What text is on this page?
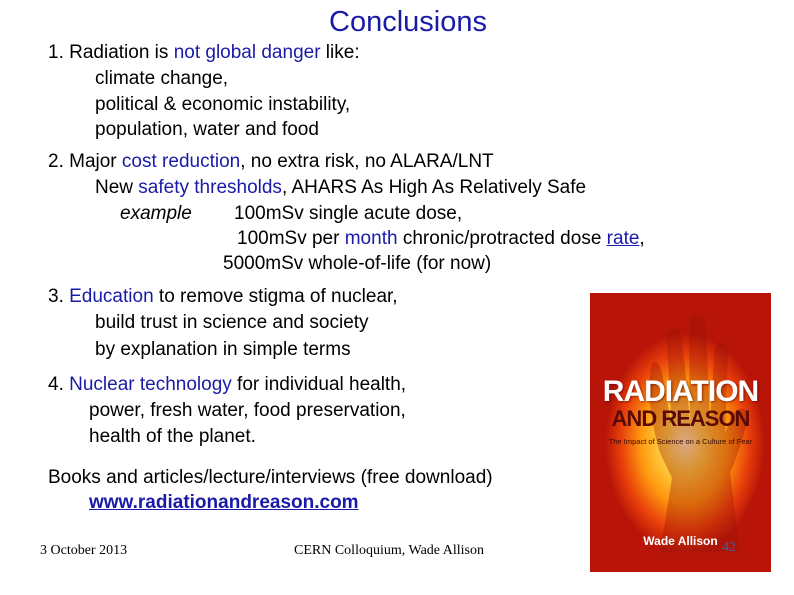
Conclusions
1. Radiation is not global danger like:
climate change,
political & economic instability,
population, water and food
2. Major cost reduction, no extra risk, no ALARA/LNT
New safety thresholds, AHARS As High As Relatively Safe
example 100mSv single acute dose,
100mSv per month chronic/protracted dose rate,
5000mSv whole-of-life (for now)
3. Education to remove stigma of nuclear,
build trust in science and society
by explanation in simple terms
4. Nuclear technology for individual health,
power, fresh water, food preservation,
health of the planet.
Books and articles/lecture/interviews (free download)
www.radiationandreason.com
3 October 2013	CERN Colloquium, Wade Allison
RADIATION
AND REASON
The Impact of Science on a Culture of Fear
Wade Allison 42
